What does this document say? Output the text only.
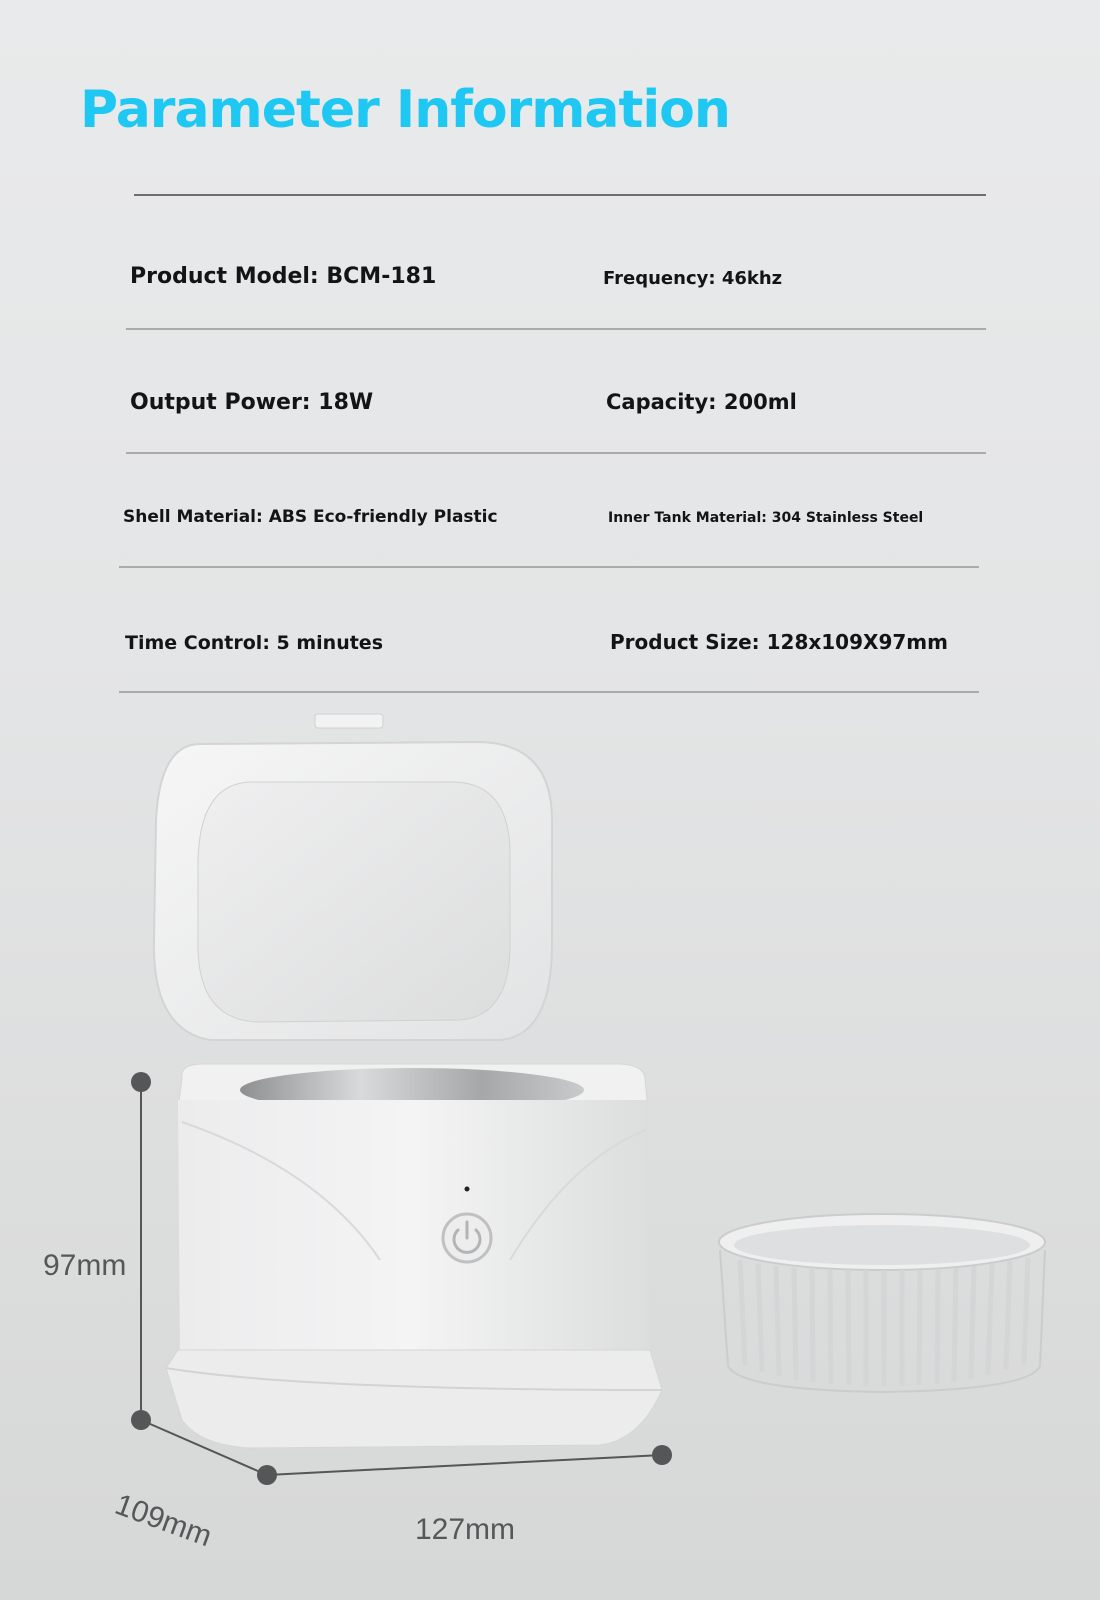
Parameter Information
Product Model: BCM-181	Frequency: 46khz
Output Power: 18W	Capacity: 200ml
Shell Material: ABS Eco-friendly Plastic	Inner Tank Material: 304 Stainless Steel
Time Control: 5 minutes	Product Size: 128x109X97mm
97mm
109mm	127mm
